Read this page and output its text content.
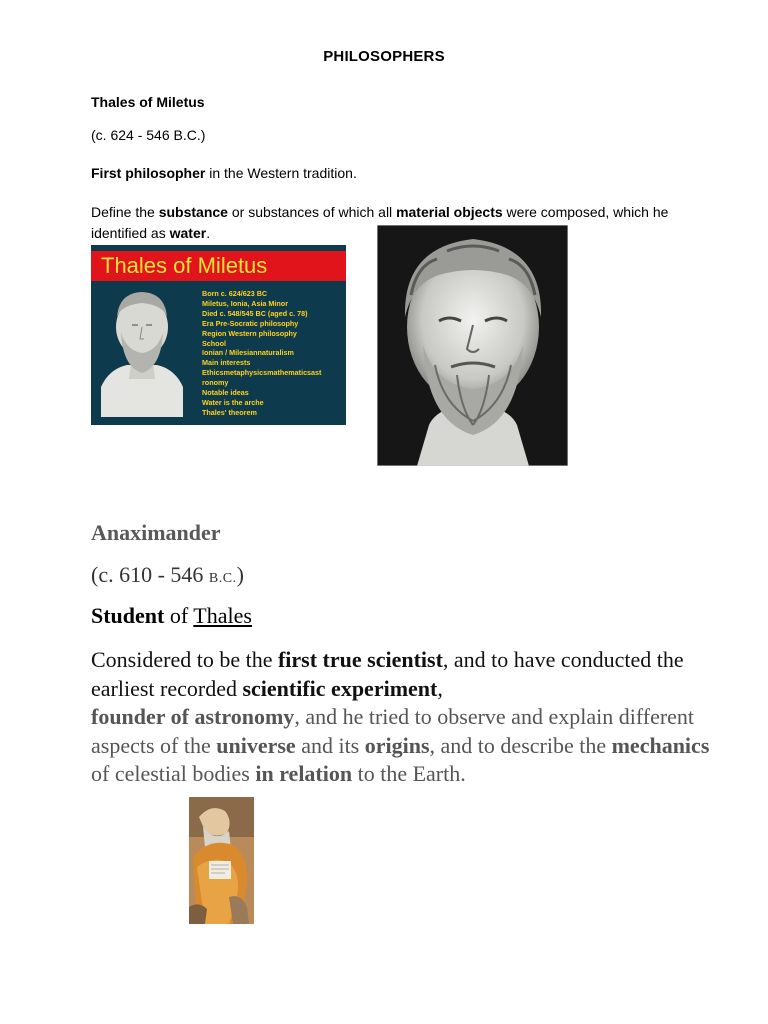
PHILOSOPHERS
Thales of Miletus
(c. 624 - 546 B.C.)
First philosopher in the Western tradition.
Define the substance or substances of which all material objects were composed, which he identified as water.
Thales of Miletus
Born c. 624/623 BC
Miletus, Ionia, Asia Minor
Died c. 548/545 BC (aged c. 78)
Era Pre-Socratic philosophy
Region Western philosophy
School
Ionian / Milesiannaturalism
Main interests
Ethicsmetaphysicsmathematicsast
ronomy
Notable ideas
Water is the arche
Thales' theorem
Anaximander
(c. 610 - 546 B.C.)
Student of Thales
Considered to be the first true scientist, and to have conducted the earliest recorded scientific experiment,
founder of astronomy, and he tried to observe and explain different aspects of the universe and its origins, and to describe the mechanics of celestial bodies in relation to the Earth.
